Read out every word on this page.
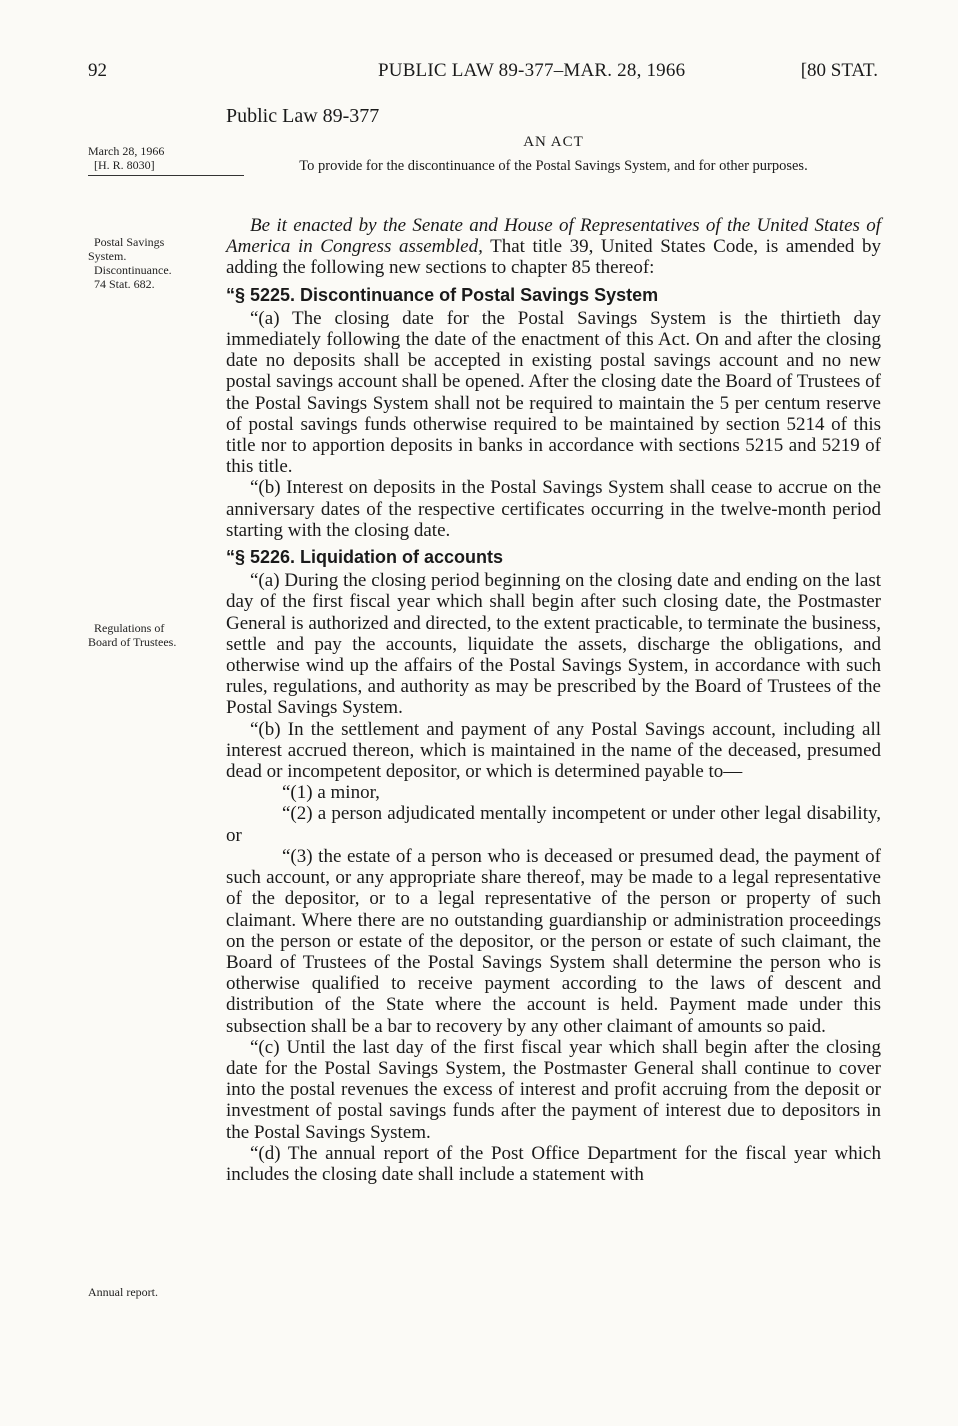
92	PUBLIC LAW 89-377–MAR. 28, 1966	[80 STAT.
Public Law 89-377
AN ACT
To provide for the discontinuance of the Postal Savings System, and for other purposes.
March 28, 1966
[H. R. 8030]
Postal Savings
System.
Discontinuance.
74 Stat. 682.
Regulations of
Board of Trustees.
Annual report.

Be it enacted by the Senate and House of Representatives of the United States of America in Congress assembled, That title 39, United States Code, is amended by adding the following new sections to chapter 85 thereof:

“§ 5225. Discontinuance of Postal Savings System

“(a) The closing date for the Postal Savings System is the thirtieth day immediately following the date of the enactment of this Act. On and after the closing date no deposits shall be accepted in existing postal savings account and no new postal savings account shall be opened. After the closing date the Board of Trustees of the Postal Savings System shall not be required to maintain the 5 per centum reserve of postal savings funds otherwise required to be maintained by section 5214 of this title nor to apportion deposits in banks in accordance with sections 5215 and 5219 of this title.

“(b) Interest on deposits in the Postal Savings System shall cease to accrue on the anniversary dates of the respective certificates occurring in the twelve-month period starting with the closing date.

“§ 5226. Liquidation of accounts

“(a) During the closing period beginning on the closing date and ending on the last day of the first fiscal year which shall begin after such closing date, the Postmaster General is authorized and directed, to the extent practicable, to terminate the business, settle and pay the accounts, liquidate the assets, discharge the obligations, and otherwise wind up the affairs of the Postal Savings System, in accordance with such rules, regulations, and authority as may be prescribed by the Board of Trustees of the Postal Savings System.

“(b) In the settlement and payment of any Postal Savings account, including all interest accrued thereon, which is maintained in the name of the deceased, presumed dead or incompetent depositor, or which is determined payable to—

“(1) a minor,

“(2) a person adjudicated mentally incompetent or under other legal disability, or

“(3) the estate of a person who is deceased or presumed dead, the payment of such account, or any appropriate share thereof, may be made to a legal representative of the depositor, or to a legal representative of the person or property of such claimant. Where there are no outstanding guardianship or administration proceedings on the person or estate of the depositor, or the person or estate of such claimant, the Board of Trustees of the Postal Savings System shall determine the person who is otherwise qualified to receive payment according to the laws of descent and distribution of the State where the account is held. Payment made under this subsection shall be a bar to recovery by any other claimant of amounts so paid.

“(c) Until the last day of the first fiscal year which shall begin after the closing date for the Postal Savings System, the Postmaster General shall continue to cover into the postal revenues the excess of interest and profit accruing from the deposit or investment of postal savings funds after the payment of interest due to depositors in the Postal Savings System.

“(d) The annual report of the Post Office Department for the fiscal year which includes the closing date shall include a statement with
